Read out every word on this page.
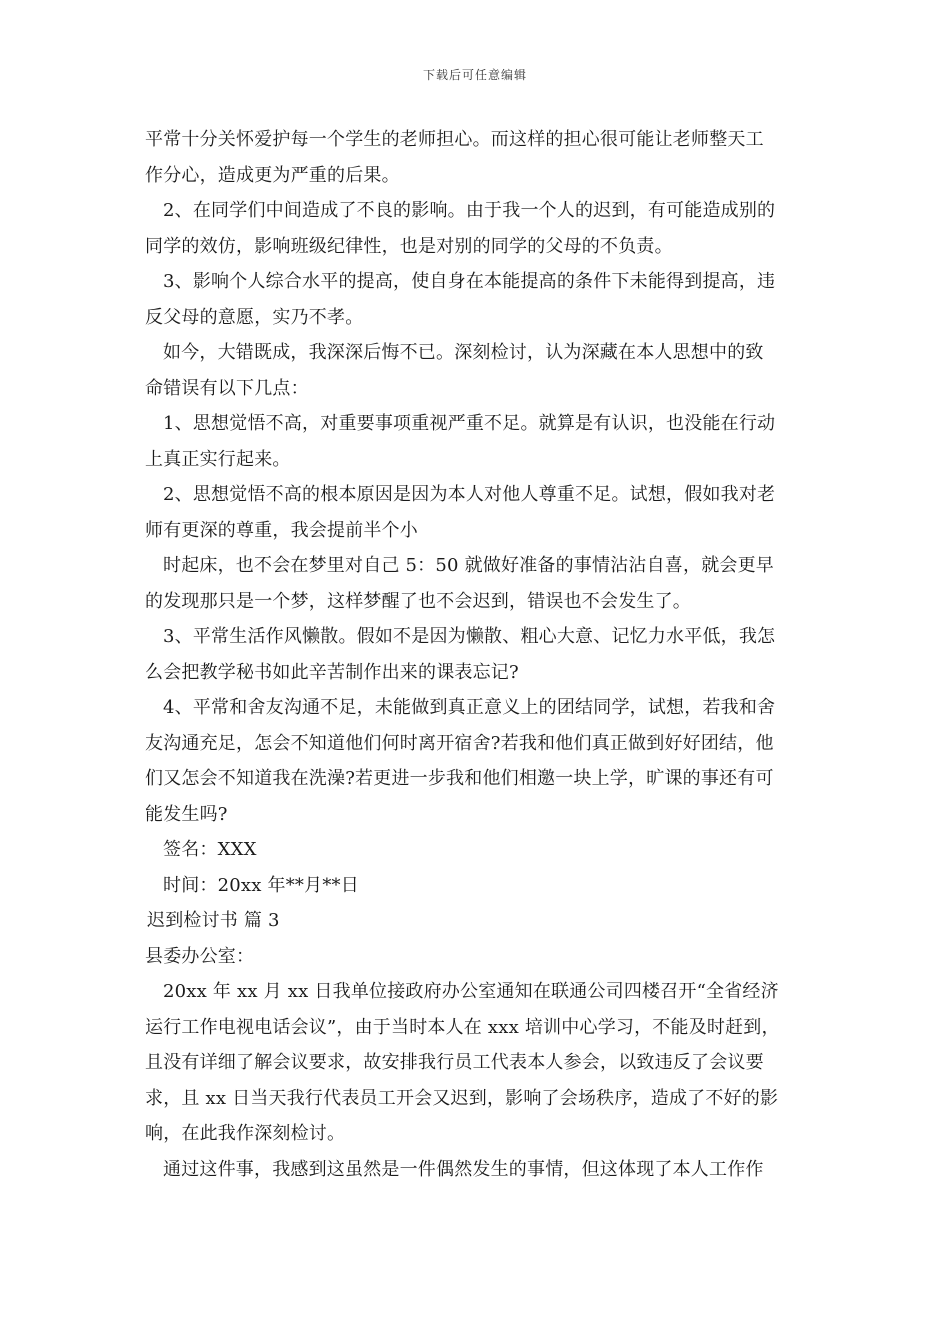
下载后可任意编辑
平常十分关怀爱护每一个学生的老师担心。而这样的担心很可能让老师整天工
作分心，造成更为严重的后果。
2、在同学们中间造成了不良的影响。由于我一个人的迟到，有可能造成别的
同学的效仿，影响班级纪律性，也是对别的同学的父母的不负责。
3、影响个人综合水平的提高，使自身在本能提高的条件下未能得到提高，违
反父母的意愿，实乃不孝。
如今，大错既成，我深深后悔不已。深刻检讨，认为深藏在本人思想中的致
命错误有以下几点：
1、思想觉悟不高，对重要事项重视严重不足。就算是有认识，也没能在行动
上真正实行起来。
2、思想觉悟不高的根本原因是因为本人对他人尊重不足。试想，假如我对老
师有更深的尊重，我会提前半个小
时起床，也不会在梦里对自己 5：50 就做好准备的事情沾沾自喜，就会更早
的发现那只是一个梦，这样梦醒了也不会迟到，错误也不会发生了。
3、平常生活作风懒散。假如不是因为懒散、粗心大意、记忆力水平低，我怎
么会把教学秘书如此辛苦制作出来的课表忘记?
4、平常和舍友沟通不足，未能做到真正意义上的团结同学，试想，若我和舍
友沟通充足，怎会不知道他们何时离开宿舍?若我和他们真正做到好好团结，他
们又怎会不知道我在洗澡?若更进一步我和他们相邀一块上学，旷课的事还有可
能发生吗?
签名：XXX
时间：20xx 年**月**日
迟到检讨书 篇 3
县委办公室：
20xx 年 xx 月 xx 日我单位接政府办公室通知在联通公司四楼召开“全省经济
运行工作电视电话会议”，由于当时本人在 xxx 培训中心学习，不能及时赶到，
且没有详细了解会议要求，故安排我行员工代表本人参会，以致违反了会议要
求，且 xx 日当天我行代表员工开会又迟到，影响了会场秩序，造成了不好的影
响，在此我作深刻检讨。
通过这件事，我感到这虽然是一件偶然发生的事情，但这体现了本人工作作
